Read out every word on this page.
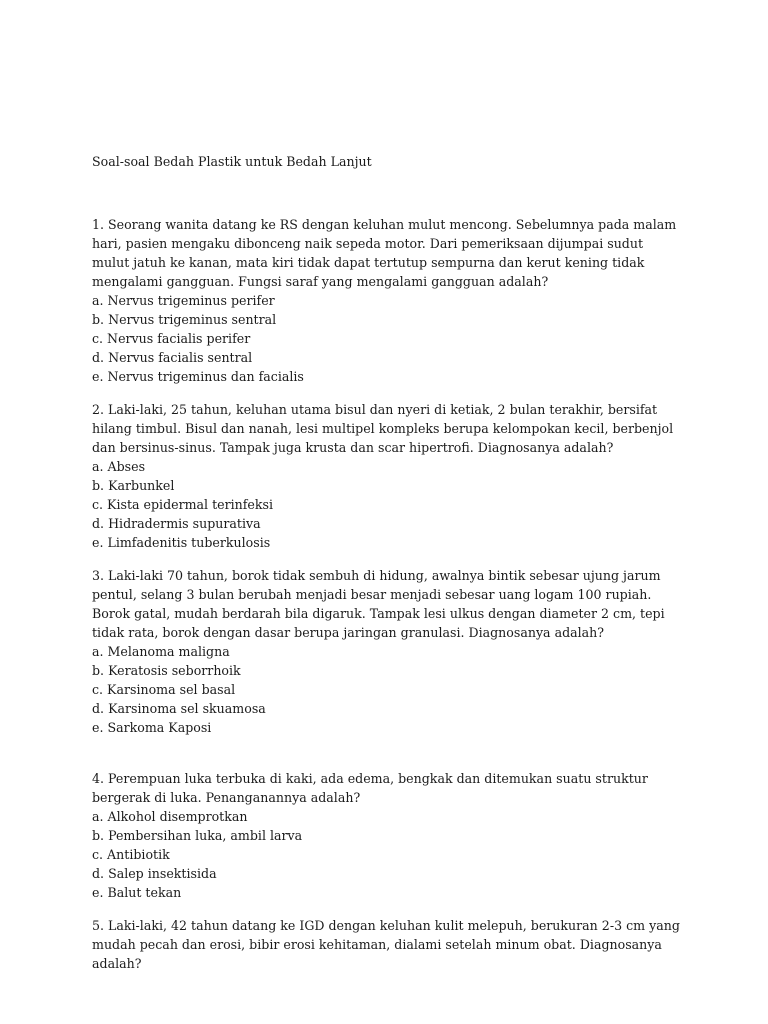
Soal-soal Bedah Plastik untuk Bedah Lanjut

1. Seorang wanita datang ke RS dengan keluhan mulut mencong. Sebelumnya pada malam hari, pasien mengaku dibonceng naik sepeda motor. Dari pemeriksaan dijumpai sudut mulut jatuh ke kanan, mata kiri tidak dapat tertutup sempurna dan kerut kening tidak mengalami gangguan. Fungsi saraf yang mengalami gangguan adalah?

a. Nervus trigeminus perifer
b. Nervus trigeminus sentral
c. Nervus facialis perifer
d. Nervus facialis sentral
e. Nervus trigeminus dan facialis

2. Laki-laki, 25 tahun, keluhan utama bisul dan nyeri di ketiak, 2 bulan terakhir, bersifat hilang timbul. Bisul dan nanah, lesi multipel kompleks berupa kelompokan kecil, berbenjol dan bersinus-sinus. Tampak juga krusta dan scar hipertrofi. Diagnosanya adalah?

a. Abses
b. Karbunkel
c. Kista epidermal terinfeksi
d. Hidradermis supurativa
e. Limfadenitis tuberkulosis

3. Laki-laki 70 tahun, borok tidak sembuh di hidung, awalnya bintik sebesar ujung jarum pentul, selang 3 bulan berubah menjadi besar menjadi sebesar uang logam 100 rupiah. Borok gatal, mudah berdarah bila digaruk. Tampak lesi ulkus dengan diameter 2 cm, tepi tidak rata, borok dengan dasar berupa jaringan granulasi. Diagnosanya adalah?

a. Melanoma maligna
b. Keratosis seborrhoik
c. Karsinoma sel basal
d. Karsinoma sel skuamosa
e. Sarkoma Kaposi

4. Perempuan luka terbuka di kaki, ada edema, bengkak dan ditemukan suatu struktur bergerak di luka. Penanganannya adalah?

a. Alkohol disemprotkan
b. Pembersihan luka, ambil larva
c. Antibiotik
d. Salep insektisida
e. Balut tekan

5. Laki-laki, 42 tahun datang ke IGD dengan keluhan kulit melepuh, berukuran 2-3 cm yang mudah pecah dan erosi, bibir erosi kehitaman, dialami setelah minum obat. Diagnosanya adalah?
